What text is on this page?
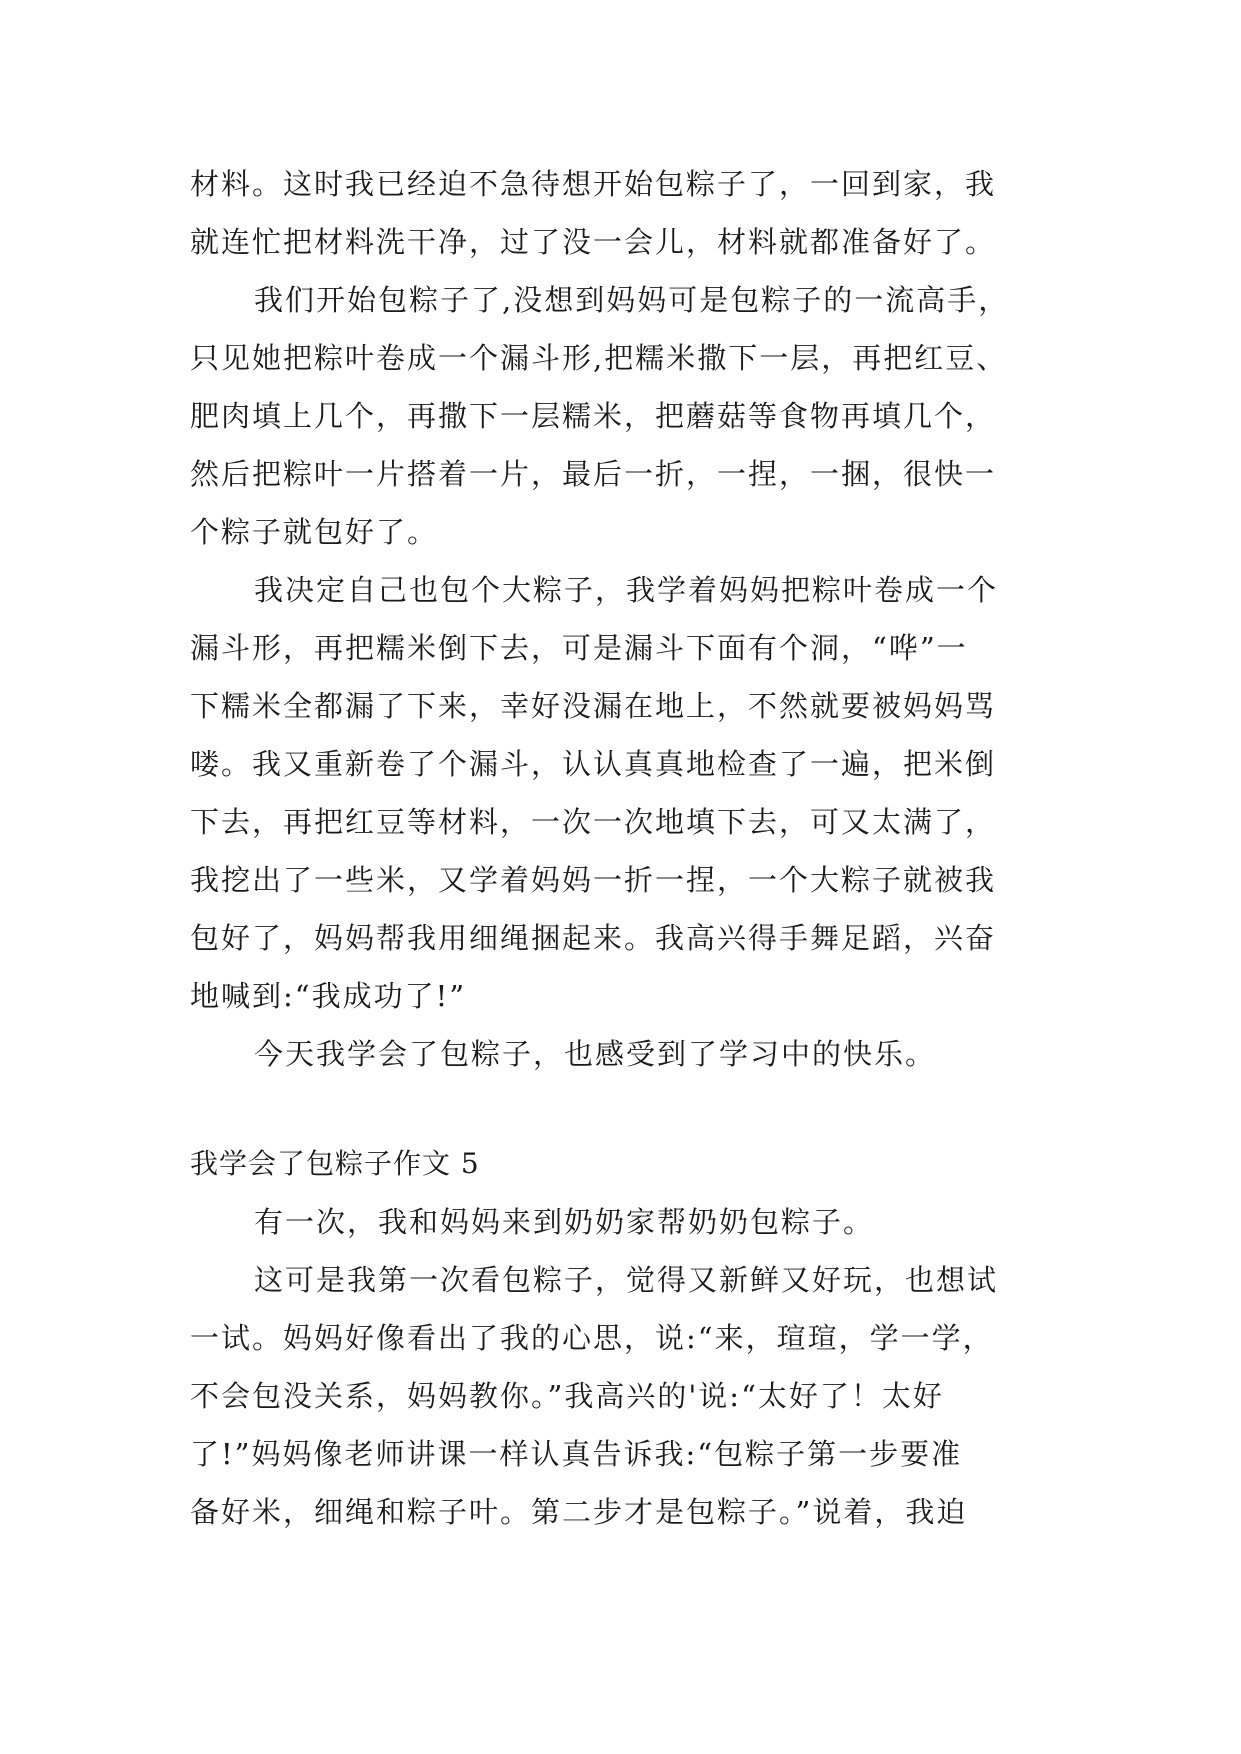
材料。这时我已经迫不急待想开始包粽子了，一回到家，我
就连忙把材料洗干净，过了没一会儿，材料就都准备好了。
我们开始包粽子了,没想到妈妈可是包粽子的一流高手，
只见她把粽叶卷成一个漏斗形,把糯米撒下一层，再把红豆、
肥肉填上几个，再撒下一层糯米，把蘑菇等食物再填几个，
然后把粽叶一片搭着一片，最后一折，一捏，一捆，很快一
个粽子就包好了。
我决定自己也包个大粽子，我学着妈妈把粽叶卷成一个
漏斗形，再把糯米倒下去，可是漏斗下面有个洞，“哗”一
下糯米全都漏了下来，幸好没漏在地上，不然就要被妈妈骂
喽。我又重新卷了个漏斗，认认真真地检查了一遍，把米倒
下去，再把红豆等材料，一次一次地填下去，可又太满了，
我挖出了一些米，又学着妈妈一折一捏，一个大粽子就被我
包好了，妈妈帮我用细绳捆起来。我高兴得手舞足蹈，兴奋
地喊到:“我成功了!”
今天我学会了包粽子，也感受到了学习中的快乐。
我学会了包粽子作文 5
有一次，我和妈妈来到奶奶家帮奶奶包粽子。
这可是我第一次看包粽子，觉得又新鲜又好玩，也想试
一试。妈妈好像看出了我的心思，说:“来，瑄瑄，学一学，
不会包没关系，妈妈教你。”我高兴的'说:“太好了！太好
了!”妈妈像老师讲课一样认真告诉我:“包粽子第一步要准
备好米，细绳和粽子叶。第二步才是包粽子。”说着，我迫
